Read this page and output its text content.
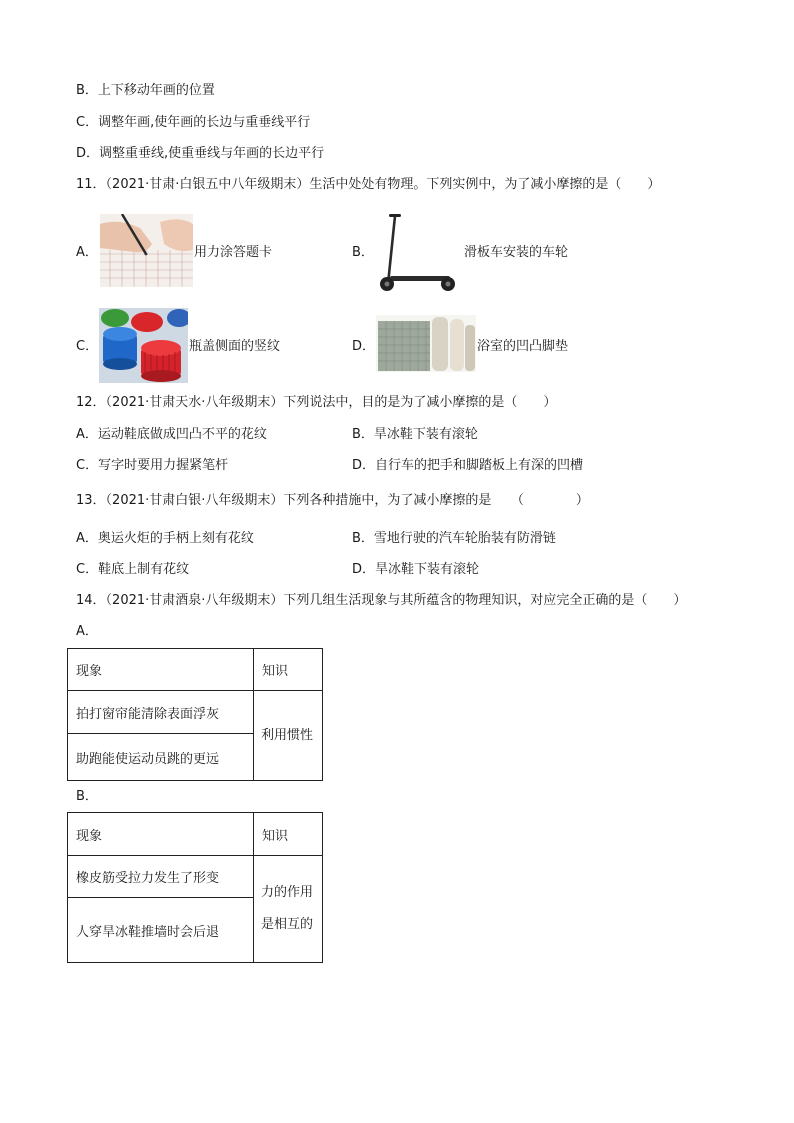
B．上下移动年画的位置
C．调整年画,使年画的长边与重垂线平行
D．调整重垂线,使重垂线与年画的长边平行
11．（2021·甘肃·白银五中八年级期末）生活中处处有物理。下列实例中，为了减小摩擦的是（　　）
A．	用力涂答题卡	B．	滑板车安装的车轮
C．	瓶盖侧面的竖纹	D．	浴室的凹凸脚垫
12．（2021·甘肃天水·八年级期末）下列说法中，目的是为了减小摩擦的是（　　）
A．运动鞋底做成凹凸不平的花纹	B．旱冰鞋下装有滚轮
C．写字时要用力握紧笔杆	D．自行车的把手和脚踏板上有深的凹槽
13．（2021·甘肃白银·八年级期末）下列各种措施中，为了减小摩擦的是　　（　　　　）
A．奥运火炬的手柄上刻有花纹	B．雪地行驶的汽车轮胎装有防滑链
C．鞋底上制有花纹	D．旱冰鞋下装有滚轮
14．（2021·甘肃酒泉·八年级期末）下列几组生活现象与其所蕴含的物理知识，对应完全正确的是（　　）
A．
现象	知识
拍打窗帘能清除表面浮灰	利用惯性
助跑能使运动员跳的更远	
B．
现象	知识
橡皮筋受拉力发生了形变	力的作用是相互的
人穿旱冰鞋推墙时会后退	
